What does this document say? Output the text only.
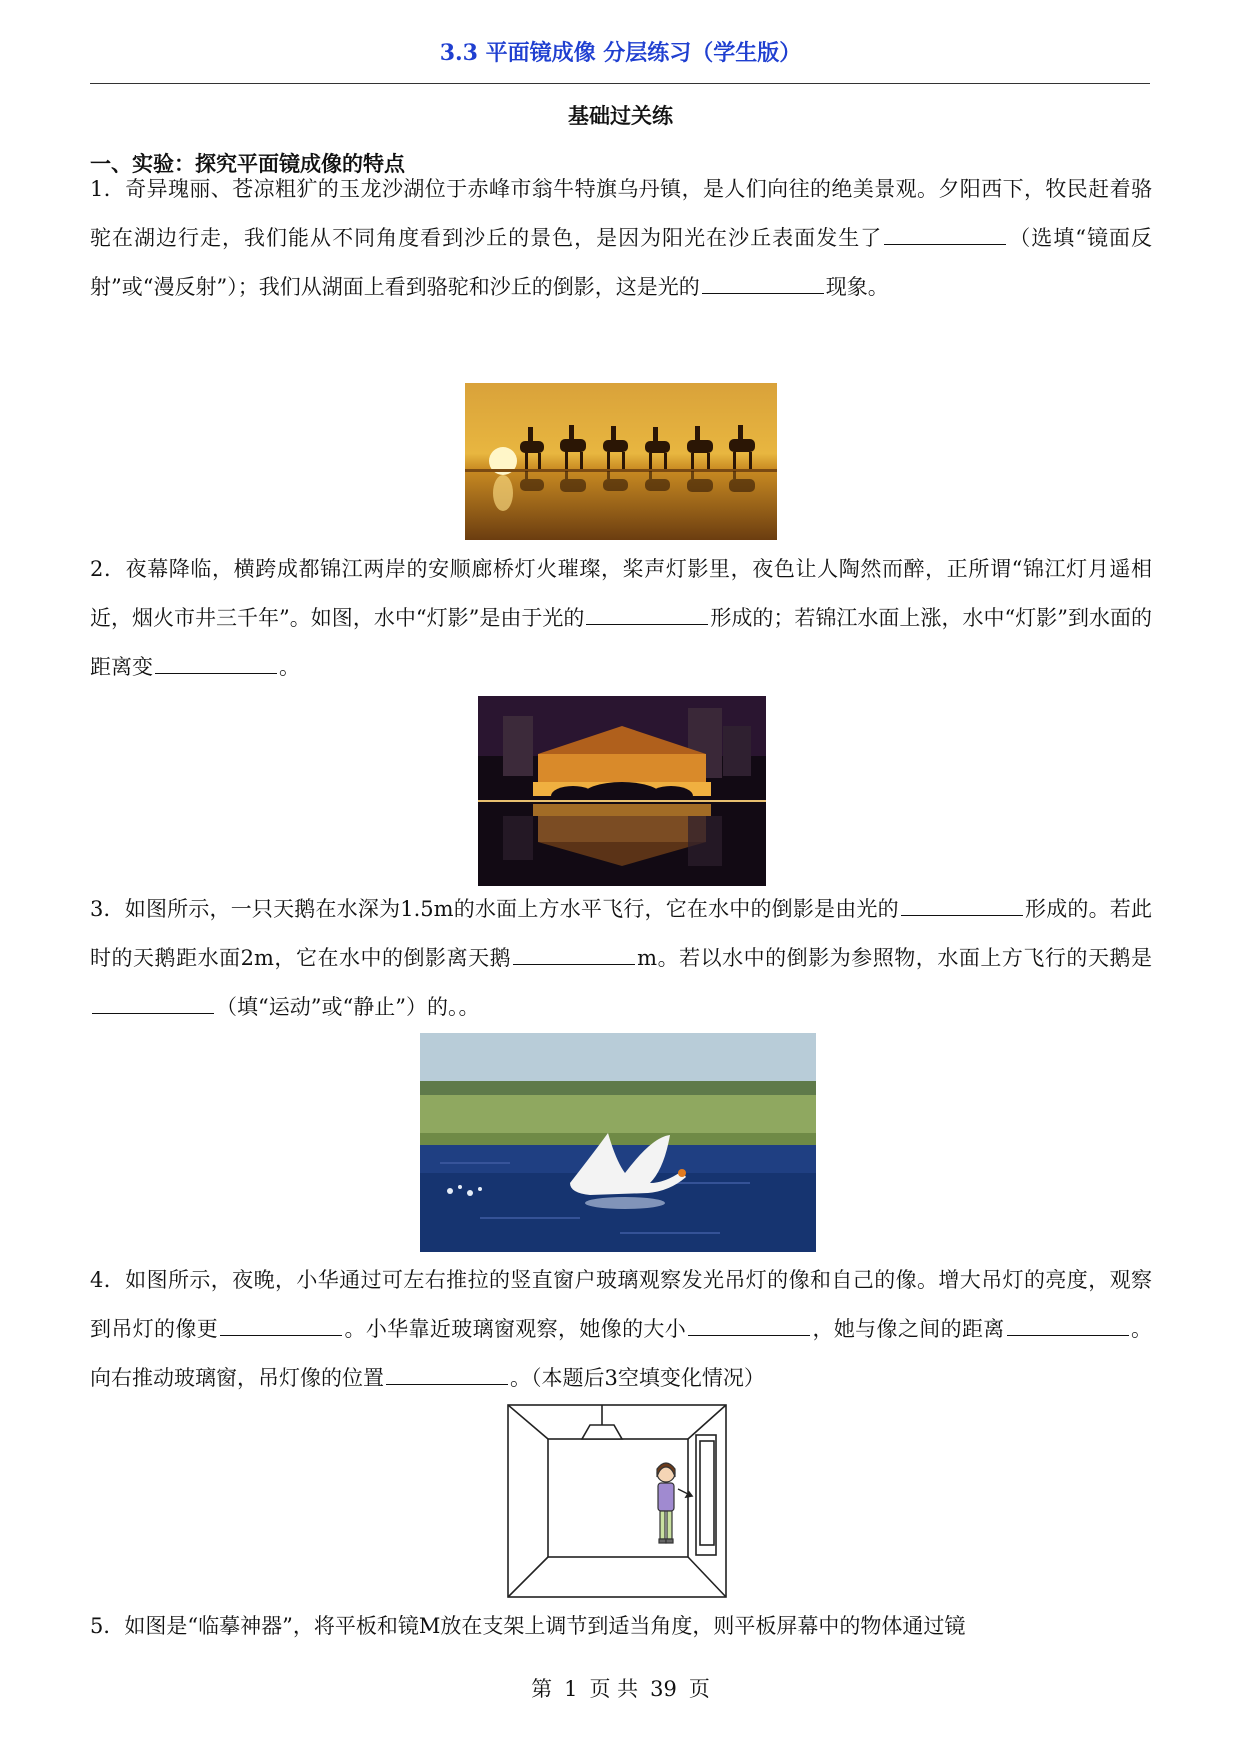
3.3 平面镜成像 分层练习（学生版）
基础过关练
一、实验：探究平面镜成像的特点

1．奇异瑰丽、苍凉粗犷的玉龙沙湖位于赤峰市翁牛特旗乌丹镇，是人们向往的绝美景观。夕阳西下，牧民赶着骆驼在湖边行走，我们能从不同角度看到沙丘的景色，是因为阳光在沙丘表面发生了	（选填“镜面反射”或“漫反射”）；我们从湖面上看到骆驼和沙丘的倒影，这是光的	现象。

2．夜幕降临，横跨成都锦江两岸的安顺廊桥灯火璀璨，桨声灯影里，夜色让人陶然而醉，正所谓“锦江灯月遥相近，烟火市井三千年”。如图，水中“灯影”是由于光的	形成的；若锦江水面上涨，水中“灯影”到水面的距离变	。

3．如图所示，一只天鹅在水深为1.5m的水面上方水平飞行，它在水中的倒影是由光的	形成的。若此时的天鹅距水面2m，它在水中的倒影离天鹅	m。若以水中的倒影为参照物，水面上方飞行的天鹅是（填“运动”或“静止”）的。。

4．如图所示，夜晚，小华通过可左右推拉的竖直窗户玻璃观察发光吊灯的像和自己的像。增大吊灯的亮度，观察到吊灯的像更	。小华靠近玻璃窗观察，她像的大小	，她与像之间的距离	。向右推动玻璃窗，吊灯像的位置	。（本题后3空填变化情况）

5．如图是“临摹神器”，将平板和镜M放在支架上调节到适当角度，则平板屏幕中的物体通过镜

第 1 页 共 39 页
